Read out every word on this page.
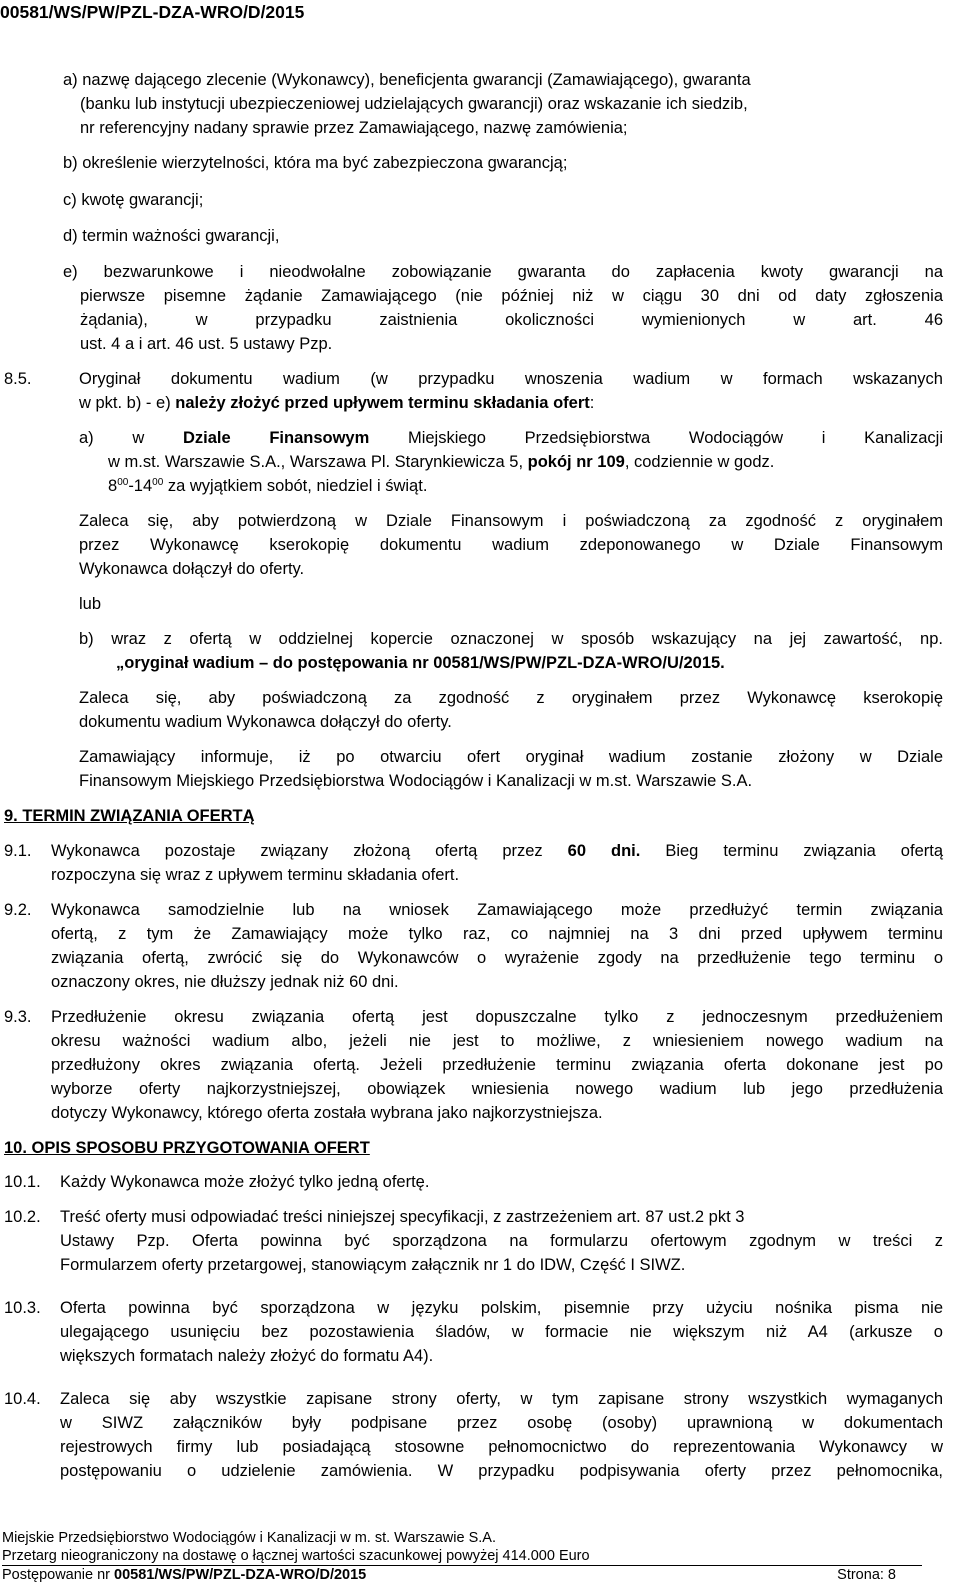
00581/WS/PW/PZL-DZA-WRO/D/2015
a) nazwę dającego zlecenie (Wykonawcy), beneficjenta gwarancji (Zamawiającego), gwaranta
(banku lub instytucji ubezpieczeniowej udzielających gwarancji) oraz wskazanie ich siedzib,
nr referencyjny nadany sprawie przez Zamawiającego, nazwę zamówienia;
b) określenie wierzytelności, która ma być zabezpieczona gwarancją;
c) kwotę gwarancji;
d) termin ważności gwarancji,
e) bezwarunkowe i nieodwołalne zobowiązanie gwaranta do zapłacenia kwoty gwarancji na
pierwsze pisemne żądanie Zamawiającego (nie później niż w ciągu 30 dni od daty zgłoszenia
żądania), w przypadku zaistnienia okoliczności wymienionych w art. 46
ust. 4 a i art. 46 ust. 5 ustawy Pzp.
8.5.	Oryginał dokumentu wadium (w przypadku wnoszenia wadium w formach wskazanych
w pkt. b) - e) należy złożyć przed upływem terminu składania ofert:
a) w Dziale Finansowym Miejskiego Przedsiębiorstwa Wodociągów i Kanalizacji
w m.st. Warszawie S.A., Warszawa Pl. Starynkiewicza 5, pokój nr 109, codziennie w godz.
$8^{00}-14^{00}$ za wyjątkiem sobót, niedziel i świąt.
Zaleca się, aby potwierdzoną w Dziale Finansowym i poświadczoną za zgodność z oryginałem
przez Wykonawcę kserokopię dokumentu wadium zdeponowanego w Dziale Finansowym
Wykonawca dołączył do oferty.
lub
b) wraz z ofertą w oddzielnej kopercie oznaczonej w sposób wskazujący na jej zawartość, np.
„oryginał wadium – do postępowania nr 00581/WS/PW/PZL-DZA-WRO/U/2015.
Zaleca się, aby poświadczoną za zgodność z oryginałem przez Wykonawcę kserokopię
dokumentu wadium Wykonawca dołączył do oferty.
Zamawiający informuje, iż po otwarciu ofert oryginał wadium zostanie złożony w Dziale
Finansowym Miejskiego Przedsiębiorstwa Wodociągów i Kanalizacji w m.st. Warszawie S.A.
9. TERMIN ZWIĄZANIA OFERTĄ
9.1. Wykonawca pozostaje związany złożoną ofertą przez 60 dni. Bieg terminu związania ofertą
rozpoczyna się wraz z upływem terminu składania ofert.
9.2. Wykonawca samodzielnie lub na wniosek Zamawiającego może przedłużyć termin związania
ofertą, z tym że Zamawiający może tylko raz, co najmniej na 3 dni przed upływem terminu
związania ofertą, zwrócić się do Wykonawców o wyrażenie zgody na przedłużenie tego terminu o
oznaczony okres, nie dłuższy jednak niż 60 dni.
9.3. Przedłużenie okresu związania ofertą jest dopuszczalne tylko z jednoczesnym przedłużeniem
okresu ważności wadium albo, jeżeli nie jest to możliwe, z wniesieniem nowego wadium na
przedłużony okres związania ofertą. Jeżeli przedłużenie terminu związania oferta dokonane jest po
wyborze oferty najkorzystniejszej, obowiązek wniesienia nowego wadium lub jego przedłużenia
dotyczy Wykonawcy, którego oferta została wybrana jako najkorzystniejsza.
10. OPIS SPOSOBU PRZYGOTOWANIA OFERT
10.1. Każdy Wykonawca może złożyć tylko jedną ofertę.
10.2. Treść oferty musi odpowiadać treści niniejszej specyfikacji, z zastrzeżeniem art. 87 ust.2 pkt 3
Ustawy Pzp. Oferta powinna być sporządzona na formularzu ofertowym zgodnym w treści z
Formularzem oferty przetargowej, stanowiącym załącznik nr 1 do IDW, Część I SIWZ.
10.3. Oferta powinna być sporządzona w języku polskim, pisemnie przy użyciu nośnika pisma nie
ulegającego usunięciu bez pozostawienia śladów, w formacie nie większym niż A4 (arkusze o
większych formatach należy złożyć do formatu A4).
10.4. Zaleca się aby wszystkie zapisane strony oferty, w tym zapisane strony wszystkich wymaganych
w SIWZ załączników były podpisane przez osobę (osoby) uprawnioną w dokumentach
rejestrowych firmy lub posiadającą stosowne pełnomocnictwo do reprezentowania Wykonawcy w
postępowaniu o udzielenie zamówienia. W przypadku podpisywania oferty przez pełnomocnika,
Miejskie Przedsiębiorstwo Wodociągów i Kanalizacji w m. st. Warszawie S.A.
Przetarg nieograniczony na dostawę o łącznej wartości szacunkowej powyżej 414.000 Euro
Postępowanie nr 00581/WS/PW/PZL-DZA-WRO/D/2015	Strona: 8
